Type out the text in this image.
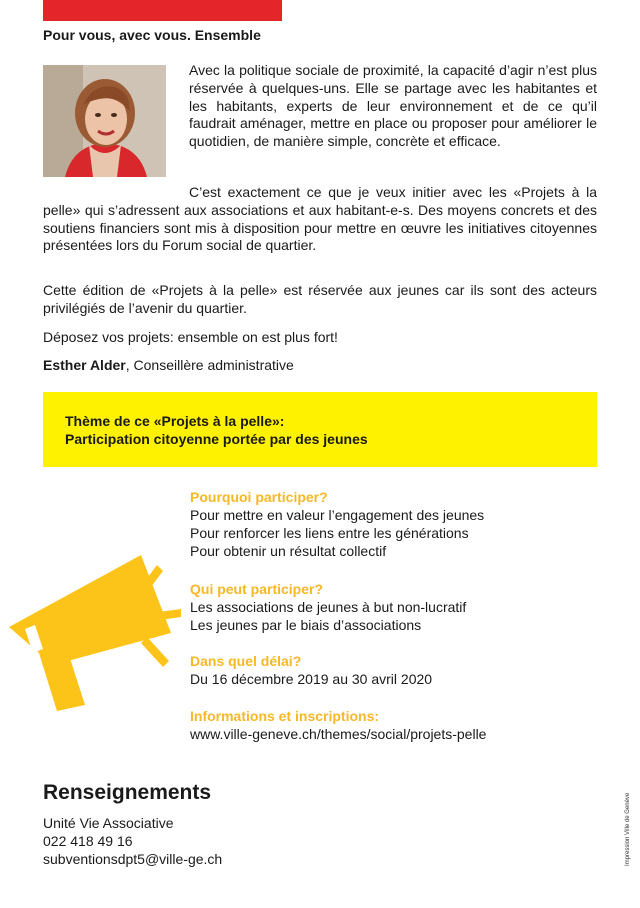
Pour vous, avec vous. Ensemble

Avec la politique sociale de proximité, la capacité d’agir n’est plus réservée à quelques-uns. Elle se partage avec les habitantes et les habitants, experts de leur environnement et de ce qu’il faudrait aménager, mettre en place ou proposer pour améliorer le quotidien, de manière simple, concrète et efficace.

C’est exactement ce que je veux initier avec les «Projets à la pelle» qui s’adressent aux associations et aux habitant-e-s. Des moyens concrets et des soutiens financiers sont mis à disposition pour mettre en œuvre les initiatives citoyennes présentées lors du Forum social de quartier.

Cette édition de «Projets à la pelle» est réservée aux jeunes car ils sont des acteurs privilégiés de l’avenir du quartier.

Déposez vos projets: ensemble on est plus fort!

Esther Alder, Conseillère administrative
Thème de ce «Projets à la pelle»:
Participation citoyenne portée par des jeunes
Pourquoi participer?
Pour mettre en valeur l’engagement des jeunes
Pour renforcer les liens entre les générations
Pour obtenir un résultat collectif
Qui peut participer?
Les associations de jeunes à but non-lucratif
Les jeunes par le biais d’associations
Dans quel délai?
Du 16 décembre 2019 au 30 avril 2020
Informations et inscriptions:
www.ville-geneve.ch/themes/social/projets-pelle
Renseignements
Unité Vie Associative
022 418 49 16
subventionsdpt5@ville-ge.ch	Impression Ville de Genève
